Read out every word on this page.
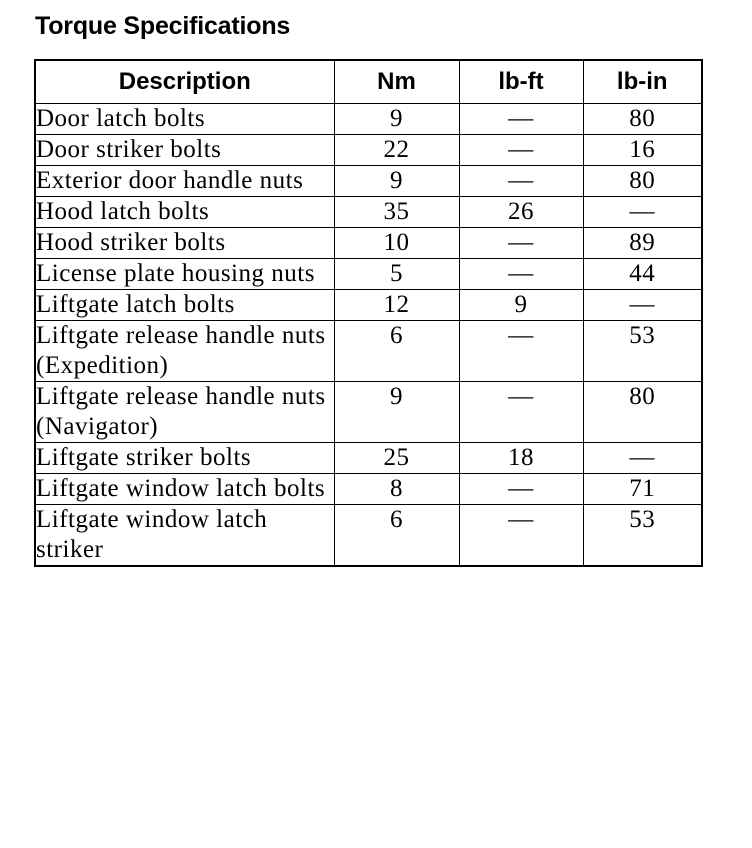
Torque Specifications
Description	Nm	lb-ft	lb-in
Door latch bolts	9	—	80
Door striker bolts	22	—	16
Exterior door handle nuts	9	—	80
Hood latch bolts	35	26	—
Hood striker bolts	10	—	89
License plate housing nuts	5	—	44
Liftgate latch bolts	12	9	—
Liftgate release handle nuts (Expedition)	6	—	53
Liftgate release handle nuts (Navigator)	9	—	80
Liftgate striker bolts	25	18	—
Liftgate window latch bolts	8	—	71
Liftgate window latch striker	6	—	53
